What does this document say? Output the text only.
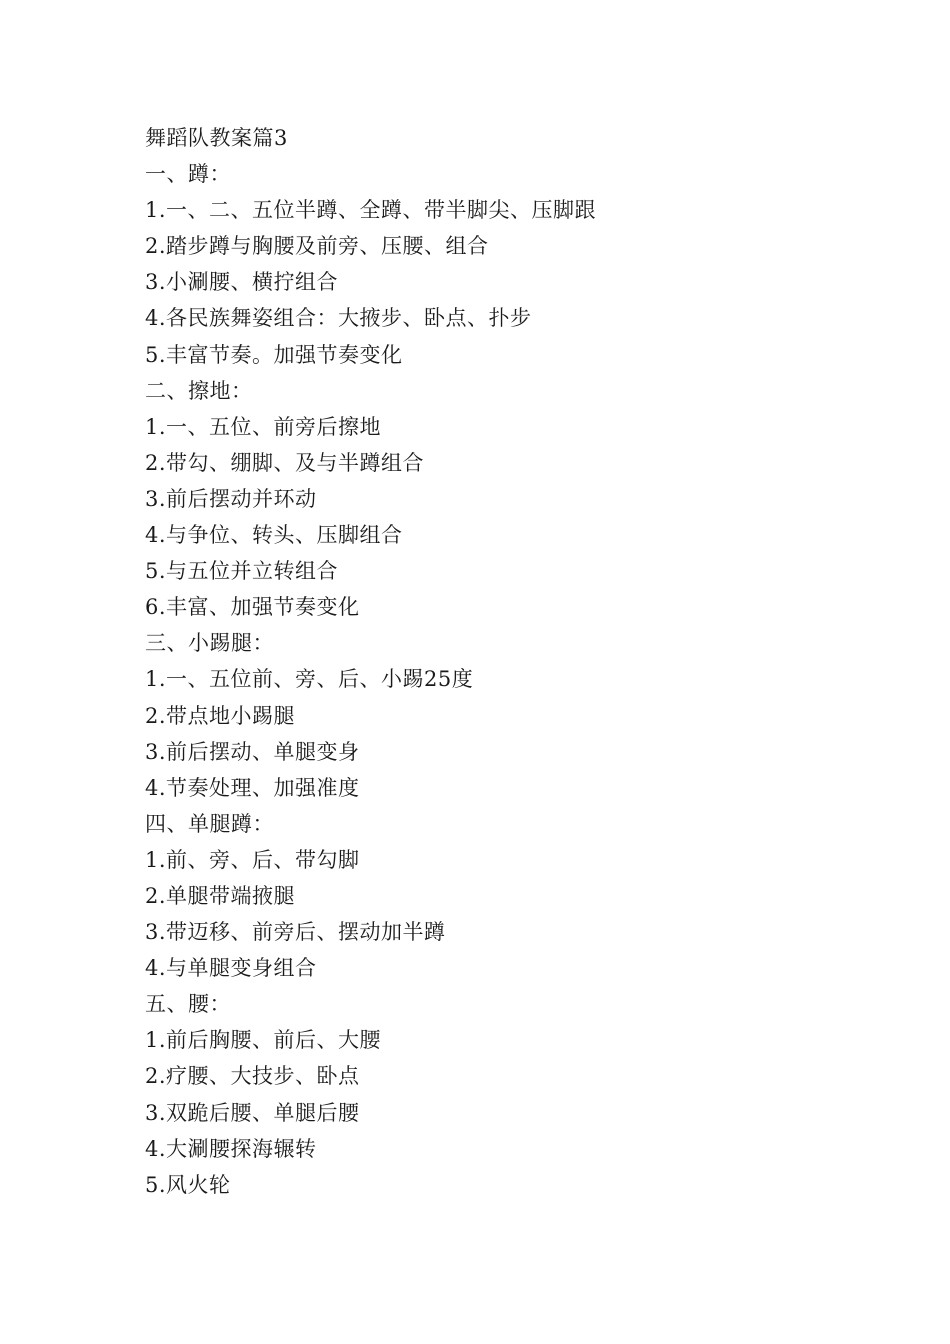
舞蹈队教案篇3
一、蹲：
1.一、二、五位半蹲、全蹲、带半脚尖、压脚跟
2.踏步蹲与胸腰及前旁、压腰、组合
3.小涮腰、横拧组合
4.各民族舞姿组合：大掖步、卧点、扑步
5.丰富节奏。加强节奏变化
二、擦地：
1.一、五位、前旁后擦地
2.带勾、绷脚、及与半蹲组合
3.前后摆动并环动
4.与争位、转头、压脚组合
5.与五位并立转组合
6.丰富、加强节奏变化
三、小踢腿：
1.一、五位前、旁、后、小踢25度
2.带点地小踢腿
3.前后摆动、单腿变身
4.节奏处理、加强准度
四、单腿蹲：
1.前、旁、后、带勾脚
2.单腿带端掖腿
3.带迈移、前旁后、摆动加半蹲
4.与单腿变身组合
五、腰：
1.前后胸腰、前后、大腰
2.疗腰、大技步、卧点
3.双跪后腰、单腿后腰
4.大涮腰探海辗转
5.风火轮
